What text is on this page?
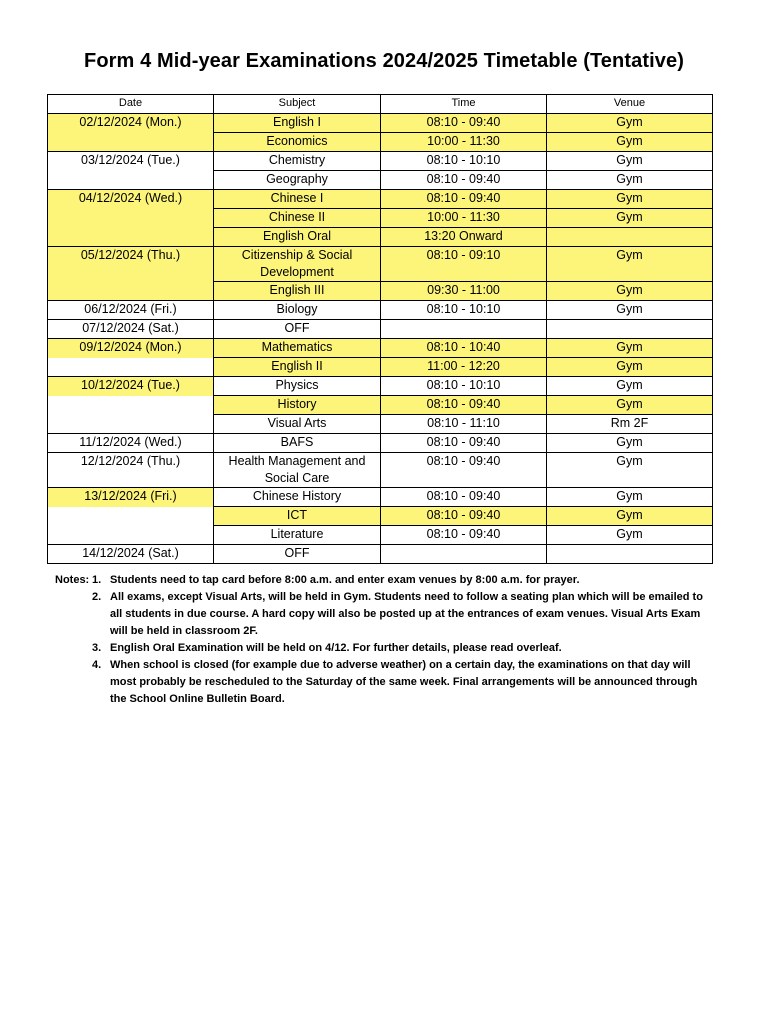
Form 4 Mid-year Examinations 2024/2025 Timetable (Tentative)
Date	Subject	Time	Venue
02/12/2024 (Mon.)	English I	08:10 - 09:40	Gym
	Economics	10:00 - 11:30	Gym
03/12/2024 (Tue.)	Chemistry	08:10 - 10:10	Gym
	Geography	08:10 - 09:40	Gym
04/12/2024 (Wed.)	Chinese I	08:10 - 09:40	Gym
	Chinese II	10:00 - 11:30	Gym
	English Oral	13:20 Onward	
05/12/2024 (Thu.)	Citizenship & Social Development	08:10 - 09:10	Gym
	English III	09:30 - 11:00	Gym
06/12/2024 (Fri.)	Biology	08:10 - 10:10	Gym
07/12/2024 (Sat.)	OFF		
09/12/2024 (Mon.)	Mathematics	08:10 - 10:40	Gym
	English II	11:00 - 12:20	Gym
10/12/2024 (Tue.)	Physics	08:10 - 10:10	Gym
	History	08:10 - 09:40	Gym
	Visual Arts	08:10 - 11:10	Rm 2F
11/12/2024 (Wed.)	BAFS	08:10 - 09:40	Gym
12/12/2024 (Thu.)	Health Management and Social Care	08:10 - 09:40	Gym
13/12/2024 (Fri.)	Chinese History	08:10 - 09:40	Gym
	ICT	08:10 - 09:40	Gym
	Literature	08:10 - 09:40	Gym
14/12/2024 (Sat.)	OFF		
Notes: 1. Students need to tap card before 8:00 a.m. and enter exam venues by 8:00 a.m. for prayer.
2. All exams, except Visual Arts, will be held in Gym. Students need to follow a seating plan which will be emailed to all students in due course. A hard copy will also be posted up at the entrances of exam venues. Visual Arts Exam will be held in classroom 2F.
3. English Oral Examination will be held on 4/12. For further details, please read overleaf.
4. When school is closed (for example due to adverse weather) on a certain day, the examinations on that day will most probably be rescheduled to the Saturday of the same week. Final arrangements will be announced through the School Online Bulletin Board.
